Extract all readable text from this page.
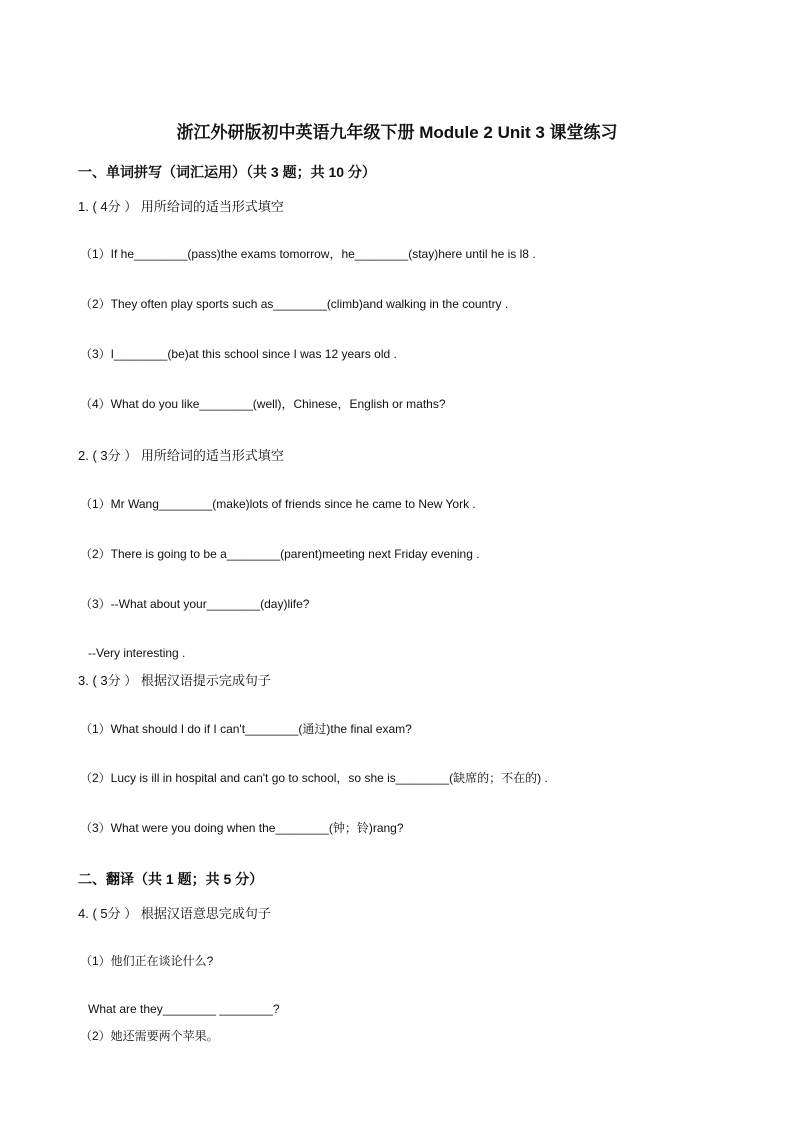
浙江外研版初中英语九年级下册 Module 2 Unit 3 课堂练习
一、单词拼写（词汇运用）（共 3 题；共 10 分）
1. ( 4分 ） 用所给词的适当形式填空
（1）If he________(pass)the exams tomorrow，he________(stay)here until he is l8 .
（2）They often play sports such as________(climb)and walking in the country .
（3）I________(be)at this school since I was 12 years old .
（4）What do you like________(well)，Chinese，English or maths?
2. ( 3分 ） 用所给词的适当形式填空
（1）Mr Wang________(make)lots of friends since he came to New York .
（2）There is going to be a________(parent)meeting next Friday evening .
（3）--What about your________(day)life?
--Very interesting .
3. ( 3分 ） 根据汉语提示完成句子
（1）What should I do if I can't________(通过)the final exam?
（2）Lucy is ill in hospital and can't go to school，so she is________(缺席的；不在的) .
（3）What were you doing when the________(钟；铃)rang?
二、翻译（共 1 题；共 5 分）
4. ( 5分 ） 根据汉语意思完成句子
（1）他们正在谈论什么?
What are they________ ________?
（2）她还需要两个苹果。
